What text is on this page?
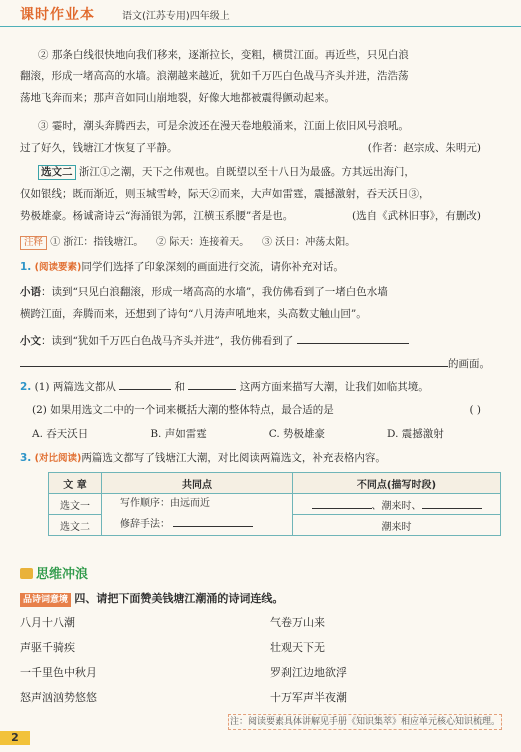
课时作业本	语文(江苏专用)四年级上
② 那条白线很快地向我们移来，逐渐拉长，变粗，横贯江面。再近些，只见白浪
翻滚，形成一堵高高的水墙。浪潮越来越近，犹如千万匹白色战马齐头并进，浩浩荡
荡地飞奔而来；那声音如同山崩地裂，好像大地都被震得颤动起来。
③ 霎时，潮头奔腾西去，可是余波还在漫天卷地般涌来，江面上依旧风号浪吼。
过了好久，钱塘江才恢复了平静。	(作者：赵宗成、朱明元)
选文二 浙江①之潮，天下之伟观也。自既望以至十八日为最盛。方其远出海门，
仅如银线；既而渐近，则玉城雪岭，际天②而来，大声如雷霆，震撼激射，吞天沃日③，
势极雄豪。杨诚斋诗云“海涌银为郭，江横玉系腰”者是也。	(选自《武林旧事》，有删改)
注释 ① 浙江：指钱塘江。 ② 际天：连接着天。 ③ 沃日：冲荡太阳。
1. (阅读要素)同学们选择了印象深刻的画面进行交流，请你补充对话。
小语：读到“只见白浪翻滚，形成一堵高高的水墙”，我仿佛看到了一堵白色水墙
横跨江面，奔腾而来，还想到了诗句“八月涛声吼地来，头高数丈触山回”。
小文：读到“犹如千万匹白色战马齐头并进”，我仿佛看到了
的画面。
2. (1) 两篇选文都从	和	这两方面来描写大潮，让我们如临其境。
(2) 如果用选文二中的一个词来概括大潮的整体特点，最合适的是	( )
A. 吞天沃日	B. 声如雷霆	C. 势极雄豪	D. 震撼激射
3. (对比阅读)两篇选文都写了钱塘江大潮，对比阅读两篇选文，补充表格内容。
文 章	共同点	不同点(描写时段)
选文一	写作顺序：由远而近
修辞手法：	、潮来时、
选文二		潮来时
思维冲浪
品诗词意境 四、请把下面赞美钱塘江潮涌的诗词连线。
八月十八潮
声驱千骑疾
一千里色中秋月
怒声汹汹势悠悠
气卷万山来
壮观天下无
罗刹江边地欲浮
十万军声半夜潮
注：阅读要素具体讲解见手册《知识集萃》相应单元核心知识梳理。
2
